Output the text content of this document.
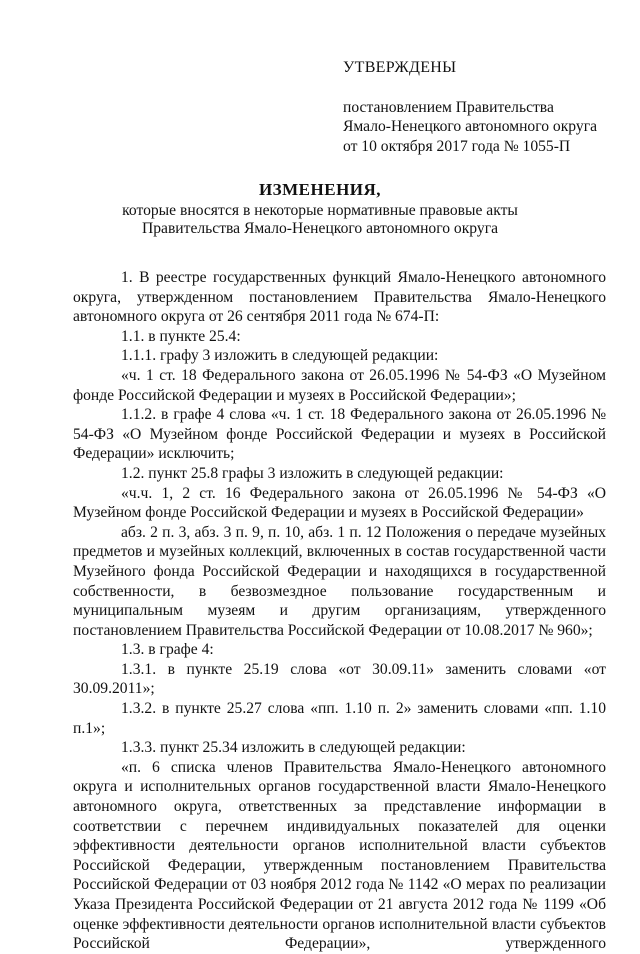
УТВЕРЖДЕНЫ
постановлением Правительства
Ямало-Ненецкого автономного округа
от 10 октября 2017 года № 1055-П
ИЗМЕНЕНИЯ,
которые вносятся в некоторые нормативные правовые акты
Правительства Ямало-Ненецкого автономного округа

1. В реестре государственных функций Ямало-Ненецкого автономного округа, утвержденном постановлением Правительства Ямало-Ненецкого автономного округа от 26 сентября 2011 года № 674-П:

1.1. в пункте 25.4:

1.1.1. графу 3 изложить в следующей редакции:

«ч. 1 ст. 18 Федерального закона от 26.05.1996 № 54-ФЗ «О Музейном фонде Российской Федерации и музеях в Российской Федерации»;

1.1.2. в графе 4 слова «ч. 1 ст. 18 Федерального закона от 26.05.1996 № 54-ФЗ «О Музейном фонде Российской Федерации и музеях в Российской Федерации» исключить;

1.2. пункт 25.8 графы 3 изложить в следующей редакции:

«ч.ч. 1, 2 ст. 16 Федерального закона от 26.05.1996 № 54-ФЗ «О Музейном фонде Российской Федерации и музеях в Российской Федерации»

абз. 2 п. 3, абз. 3 п. 9, п. 10, абз. 1 п. 12 Положения о передаче музейных предметов и музейных коллекций, включенных в состав государственной части Музейного фонда Российской Федерации и находящихся в государственной собственности, в безвозмездное пользование государственным и муниципальным музеям и другим организациям, утвержденного постановлением Правительства Российской Федерации от 10.08.2017 № 960»;

1.3. в графе 4:

1.3.1. в пункте 25.19 слова «от 30.09.11» заменить словами «от 30.09.2011»;

1.3.2. в пункте 25.27 слова «пп. 1.10 п. 2» заменить словами «пп. 1.10 п.1»;

1.3.3. пункт 25.34 изложить в следующей редакции:

«п. 6 списка членов Правительства Ямало-Ненецкого автономного округа и исполнительных органов государственной власти Ямало-Ненецкого автономного округа, ответственных за представление информации в соответствии с перечнем индивидуальных показателей для оценки эффективности деятельности органов исполнительной власти субъектов Российской Федерации, утвержденным постановлением Правительства Российской Федерации от 03 ноября 2012 года № 1142 «О мерах по реализации Указа Президента Российской Федерации от 21 августа 2012 года № 1199 «Об оценке эффективности деятельности органов исполнительной власти субъектов Российской Федерации», утвержденного
